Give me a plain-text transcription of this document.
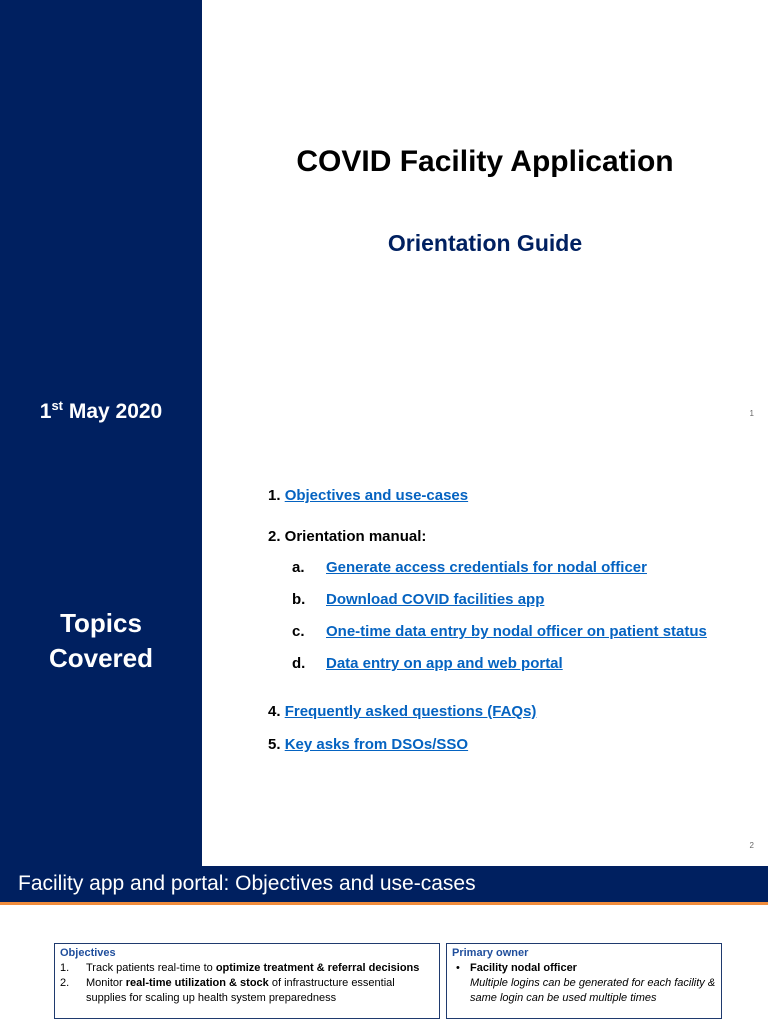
COVID Facility Application
Orientation Guide
1st May 2020	1
Topics
Covered
1. Objectives and use-cases
2. Orientation manual:
a.	Generate access credentials for nodal officer
b.	Download COVID facilities app
c.	One-time data entry by nodal officer on patient status
d.	Data entry on app and web portal
4. Frequently asked questions (FAQs)
5. Key asks from DSOs/SSO
2
Facility app and portal: Objectives and use-cases
Objectives
1. Track patients real-time to optimize treatment & referral decisions
2. Monitor real-time utilization & stock of infrastructure essential supplies for scaling up health system preparedness
Primary owner
• Facility nodal officer
Multiple logins can be generated for each facility & same login can be used multiple times
